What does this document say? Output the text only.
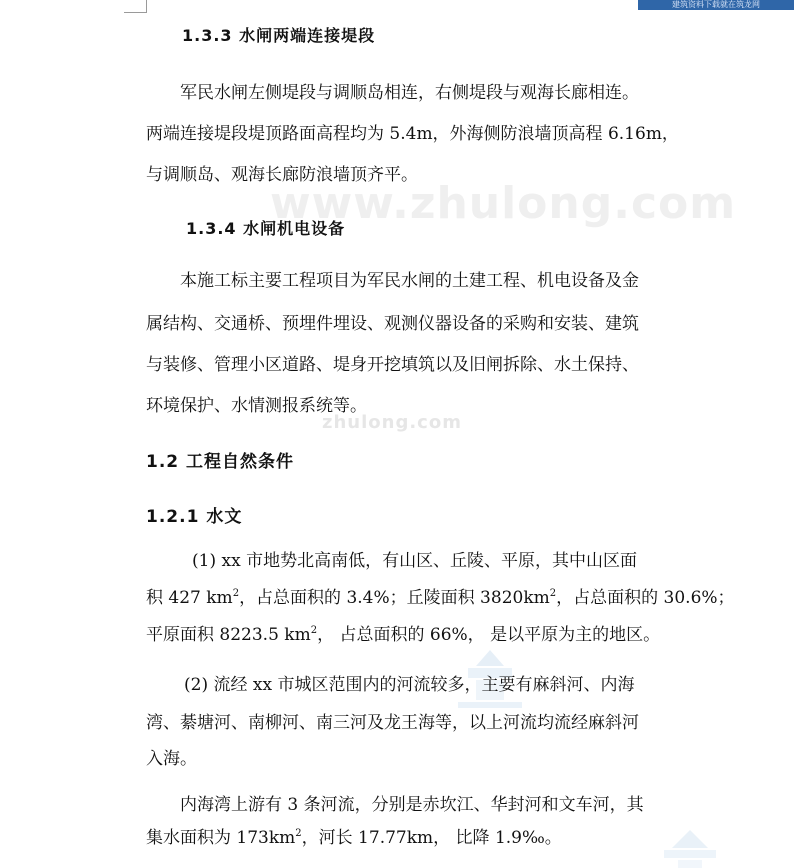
建筑资料下载就在筑龙网
www.zhulong.com
zhulong.com
1.3.3 水闸两端连接堤段
军民水闸左侧堤段与调顺岛相连，右侧堤段与观海长廊相连。
两端连接堤段堤顶路面高程均为 5.4m，外海侧防浪墙顶高程 6.16m，
与调顺岛、观海长廊防浪墙顶齐平。
1.3.4 水闸机电设备
本施工标主要工程项目为军民水闸的土建工程、机电设备及金
属结构、交通桥、预埋件埋设、观测仪器设备的采购和安装、建筑
与装修、管理小区道路、堤身开挖填筑以及旧闸拆除、水土保持、
环境保护、水情测报系统等。
1.2 工程自然条件
1.2.1 水文
(1) xx 市地势北高南低，有山区、丘陵、平原，其中山区面
积 427 $km^2$，占总面积的 3.4%；丘陵面积 $3820km^2$，占总面积的 30.6%；
平原面积 8223.5 $km^2$， 占总面积的 66%， 是以平原为主的地区。
(2) 流经 xx 市城区范围内的河流较多，主要有麻斜河、内海
湾、綦塘河、南柳河、南三河及龙王海等，以上河流均流经麻斜河
入海。
内海湾上游有 3 条河流，分别是赤坎江、华封河和文车河，其
集水面积为 $173km^2$，河长 17.77km， 比降 1.9‰。
